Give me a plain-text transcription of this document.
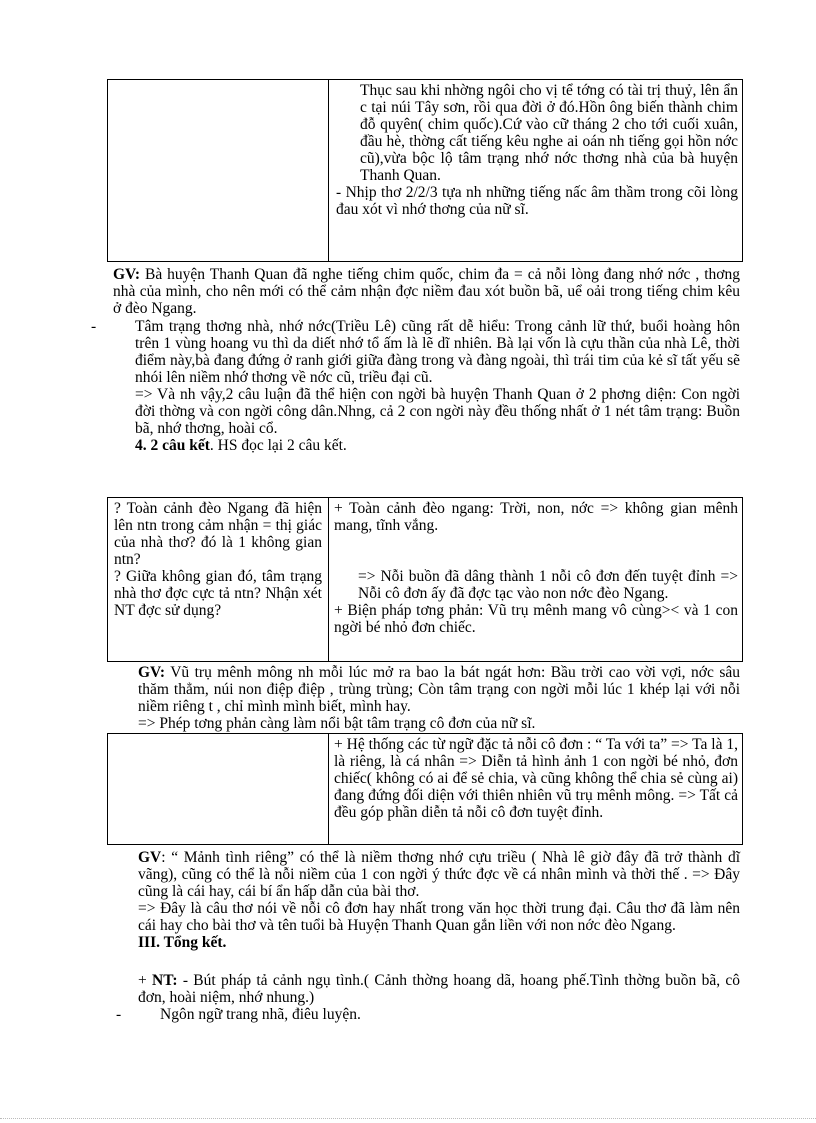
Thục sau khi nhờng ngôi cho vị tể tớng có tài trị thuỷ, lên ẩn c tại núi Tây sơn, rồi qua đời ở đó.Hồn ông biến thành chim đỗ quyên( chim quốc).Cứ vào cữ tháng 2 cho tới cuối xuân, đầu hè, thờng cất tiếng kêu nghe ai oán nh tiếng gọi hồn nớc cũ),vừa bộc lộ tâm trạng nhớ nớc thơng nhà của bà huyện Thanh Quan.

- Nhịp thơ 2/2/3 tựa nh những tiếng nấc âm thầm trong cõi lòng đau xót vì nhớ thơng của nữ sĩ.

GV: Bà huyện Thanh Quan đã nghe tiếng chim quốc, chim đa = cả nỗi lòng đang nhớ nớc , thơng nhà của mình, cho nên mới có thể cảm nhận đợc niềm đau xót buồn bã, uể oải trong tiếng chim kêu ở đèo Ngang.

-	Tâm trạng thơng nhà, nhớ nớc(Triều Lê) cũng rất dễ hiểu: Trong cảnh lữ thứ, buổi hoàng hôn trên 1 vùng hoang vu thì da diết nhớ tổ ấm là lẽ dĩ nhiên. Bà lại vốn là cựu thần của nhà Lê, thời điểm này,bà đang đứng ở ranh giới giữa đàng trong và đàng ngoài, thì trái tim của kẻ sĩ tất yếu sẽ nhói lên niềm nhớ thơng về nớc cũ, triều đại cũ.

=> Và nh vậy,2 câu luận đã thể hiện con ngời bà huyện Thanh Quan ở 2 phơng diện: Con ngời đời thờng và con ngời công dân.Nhng, cả 2 con ngời này đều thống nhất ở 1 nét tâm trạng: Buồn bã, nhớ thơng, hoài cổ.

4. 2 câu kết. HS đọc lại 2 câu kết.

? Toàn cảnh đèo Ngang đã hiện lên ntn trong cảm nhận = thị giác của nhà thơ? đó là 1 không gian ntn?

? Giữa không gian đó, tâm trạng nhà thơ đợc cực tả ntn? Nhận xét NT đợc sử dụng?

+ Toàn cảnh đèo ngang: Trời, non, nớc => không gian mênh mang, tĩnh vắng.

=> Nỗi buồn đã dâng thành 1 nỗi cô đơn đến tuyệt đỉnh => Nỗi cô đơn ấy đã đợc tạc vào non nớc đèo Ngang.

+ Biện pháp tơng phản: Vũ trụ mênh mang vô cùng>< và 1 con ngời bé nhỏ đơn chiếc.

GV: Vũ trụ mênh mông nh mỗi lúc mở ra bao la bát ngát hơn: Bầu trời cao vời vợi, nớc sâu thăm thẳm, núi non điệp điệp , trùng trùng; Còn tâm trạng con ngời mỗi lúc 1 khép lại với nỗi niềm riêng t , chỉ mình mình biết, mình hay.

=> Phép tơng phản càng làm nổi bật tâm trạng cô đơn của nữ sĩ.

+ Hệ thống các từ ngữ đặc tả nỗi cô đơn : “ Ta với ta” => Ta là 1, là riêng, là cá nhân => Diễn tả hình ảnh 1 con ngời bé nhỏ, đơn chiếc( không có ai để sẻ chia, và cũng không thể chia sẻ cùng ai) đang đứng đối diện với thiên nhiên vũ trụ mênh mông. => Tất cả đều góp phần diễn tả nỗi cô đơn tuyệt đỉnh.

GV: “ Mảnh tình riêng” có thể là niềm thơng nhớ cựu triều ( Nhà lê giờ đây đã trở thành dĩ vãng), cũng có thể là nỗi niềm của 1 con ngời ý thức đợc về cá nhân mình và thời thế . => Đây cũng là cái hay, cái bí ẩn hấp dẫn của bài thơ.

=> Đây là câu thơ nói về nỗi cô đơn hay nhất trong văn học thời trung đại. Câu thơ đã làm nên cái hay cho bài thơ và tên tuổi bà Huyện Thanh Quan gắn liền với non nớc đèo Ngang.

III. Tổng kết.

+ NT: - Bút pháp tả cảnh ngụ tình.( Cảnh thờng hoang dã, hoang phế.Tình thờng buồn bã, cô đơn, hoài niệm, nhớ nhung.)

-	Ngôn ngữ trang nhã, điêu luyện.
